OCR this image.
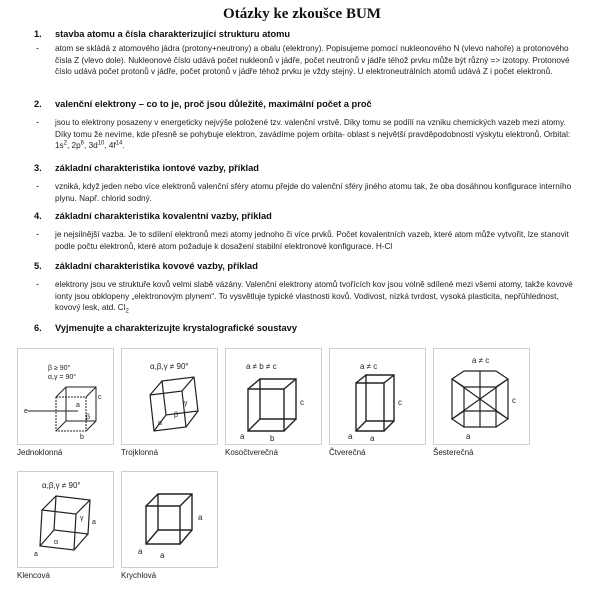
Otázky ke zkoušce BUM
1. stavba atomu a čísla charakterizující strukturu atomu
- atom se skládá z atomového jádra (protony+neutrony) a obalu (elektrony). Popisujeme pomocí nukleonového N (vlevo nahoře) a protonového čísla Z (vlevo dole). Nukleonové číslo udává počet nukleonů v jádře, počet neutronů v jádře téhož prvku může být různý => izotopy. Protonové číslo udává počet protonů v jádře, počet protonů v jádře téhož prvku je vždy stejný. U elektroneutrálních atomů udává Z i počet elektronů.
2. valenční elektrony – co to je, proč jsou důležité, maximální počet a proč
- jsou to elektrony posazeny v energeticky nejvýše položené tzv. valenční vrstvě. Díky tomu se podílí na vzniku chemických vazeb mezi atomy. Díky tomu že nevíme, kde přesně se pohybuje elektron, zavádíme pojem orbita- oblast s největší pravděpodobností výskytu elektronů. Orbital: $1s^2$, $2p^6$, $3d^{10}$, $4f^{14}$.
3. základní charakteristika iontové vazby, příklad
- vzniká, když jeden nebo více elektronů valenční sféry atomu přejde do valenční sféry jiného atomu tak, že oba dosáhnou konfigurace interního plynu. Např. chlorid sodný.
4. základní charakteristika kovalentní vazby, příklad
- je nejsilnější vazba. Je to sdílení elektronů mezi atomy jednoho či více prvků. Počet kovalentních vazeb, které atom může vytvořit, lze stanovit podle počtu elektronů, které atom požaduje k dosažení stabilní elektronové konfigurace. H-Cl
5. základní charakteristika kovové vazby, příklad
- elektrony jsou ve struktuře kovů velmi slabě vázány. Valenční elektrony atomů tvořících kov jsou volně sdílené mezi všemi atomy, takže kovové ionty jsou obklopeny „elektronovým plynem“. To vysvětluje typické vlastnosti kovů. Vodivost, nízká tvrdost, vysoká plasticita, nepřühlednost, kovový lesk, atd. $Cl_2$
6. Vyjmenujte a charakterizujte krystalografické soustavy
β ≥ 90°
α,γ = 90°
e
a
β
c
b
Jednoklonná
α,β,γ ≠ 90°
γ
β
α
Trojklonná
a ≠ b ≠ c
c
a	b
Kosočtverečná
a ≠ c
c
a a
Čtverečná
a ≠ c
c
a
Šesterečná
α,β,γ ≠ 90°
γ
a
a
α
Klencová
a
a a
Krychlová
